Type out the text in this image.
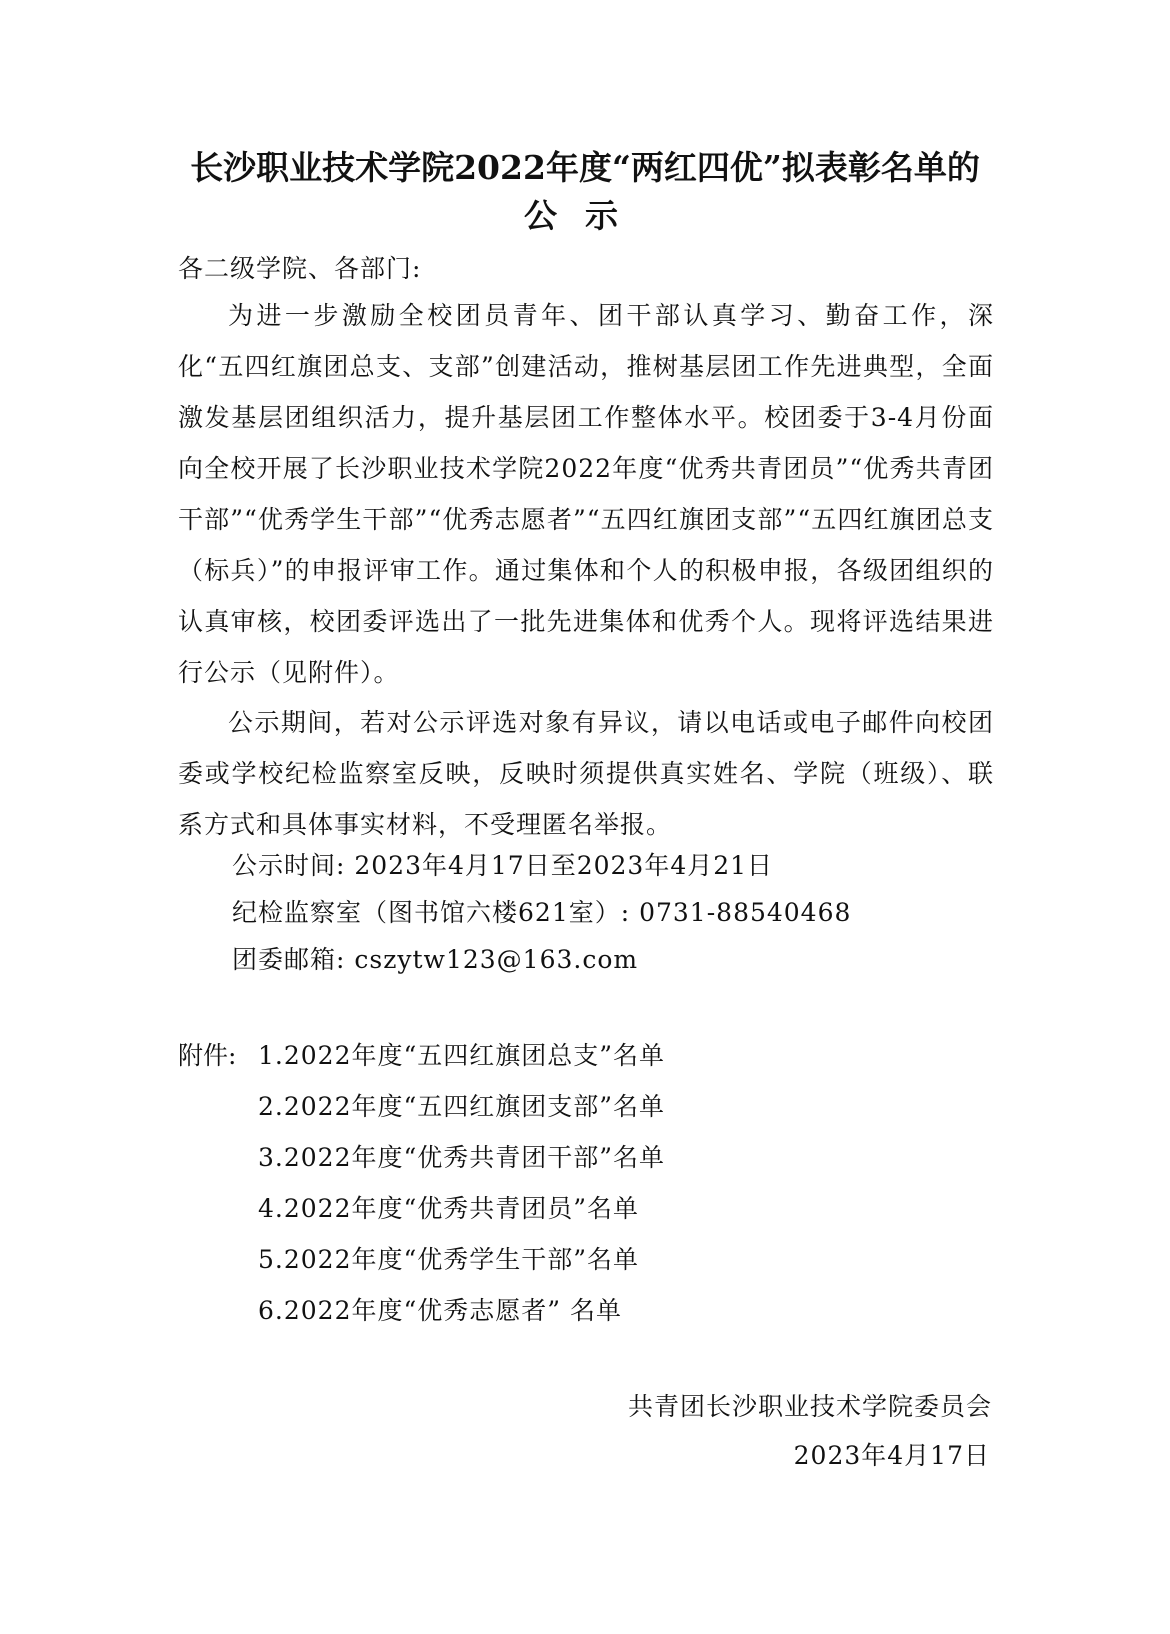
长沙职业技术学院2022年度“两红四优”拟表彰名单的
公示
各二级学院、各部门:
为进一步激励全校团员青年、团干部认真学习、勤奋工作，深化“五四红旗团总支、支部”创建活动，推树基层团工作先进典型，全面激发基层团组织活力，提升基层团工作整体水平。校团委于3-4月份面向全校开展了长沙职业技术学院2022年度“优秀共青团员”“优秀共青团干部”“优秀学生干部”“优秀志愿者”“五四红旗团支部”“五四红旗团总支（标兵）”的申报评审工作。通过集体和个人的积极申报，各级团组织的认真审核，校团委评选出了一批先进集体和优秀个人。现将评选结果进行公示（见附件）。
公示期间，若对公示评选对象有异议，请以电话或电子邮件向校团委或学校纪检监察室反映，反映时须提供真实姓名、学院（班级）、联系方式和具体事实材料，不受理匿名举报。
公示时间: 2023年4月17日至2023年4月21日
纪检监察室（图书馆六楼621室）: 0731-88540468
团委邮箱: cszytw123@163.com
附件: 1.2022年度“五四红旗团总支”名单
2.2022年度“五四红旗团支部”名单
3.2022年度“优秀共青团干部”名单
4.2022年度“优秀共青团员”名单
5.2022年度“优秀学生干部”名单
6.2022年度“优秀志愿者” 名单
共青团长沙职业技术学院委员会
2023年4月17日
